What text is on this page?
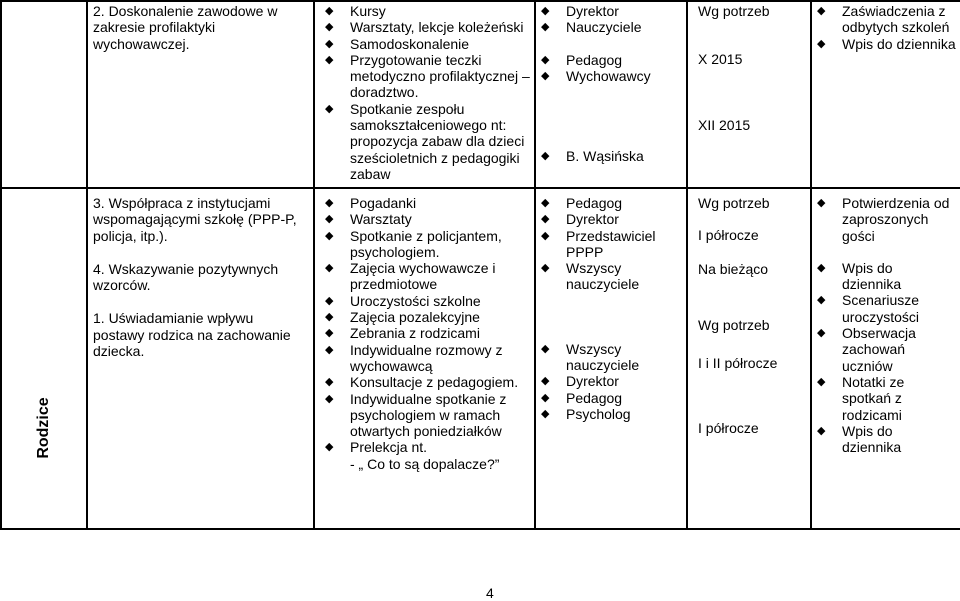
Rodzice

2. Doskonalenie zawodowe w zakresie profilaktyki wychowawczej.

◆ Kursy
◆ Warsztaty, lekcje koleżeński
◆ Samodoskonalenie
◆ Przygotowanie teczki metodyczno profilaktycznej – doradztwo.
◆ Spotkanie zespołu samokształceniowego nt: propozycja zabaw dla dzieci sześcioletnich z pedagogiki zabaw
◆ Dyrektor
◆ Nauczyciele
◆ Pedagog
◆ Wychowawcy
◆ B. Wąsińska

Wg potrzeb

X 2015

XII 2015

◆ Zaświadczenia z odbytych szkoleń
◆ Wpis do dziennika

3. Współpraca z instytucjami wspomagającymi szkołę (PPP-P, policja, itp.).

4. Wskazywanie pozytywnych wzorców.

1. Uświadamianie wpływu postawy rodzica na zachowanie dziecka.

◆ Pogadanki
◆ Warsztaty
◆ Spotkanie z policjantem, psychologiem.
◆ Zajęcia wychowawcze i przedmiotowe
◆ Uroczystości szkolne
◆ Zajęcia pozalekcyjne
◆ Zebrania z rodzicami
◆ Indywidualne rozmowy z wychowawcą
◆ Konsultacje z pedagogiem.
◆ Indywidualne spotkanie z psychologiem w ramach otwartych poniedziałków
◆ Prelekcja nt.
- „ Co to są dopalacze?”
◆ Pedagog
◆ Dyrektor
◆ Przedstawiciel PPPP
◆ Wszyscy nauczyciele
◆ Wszyscy nauczyciele
◆ Dyrektor
◆ Pedagog
◆ Psycholog

Wg potrzeb

I półrocze

Na bieżąco

Wg potrzeb

I i II półrocze

I półrocze

◆ Potwierdzenia od zaproszonych gości
◆ Wpis do dziennika
◆ Scenariusze uroczystości
◆ Obserwacja zachowań uczniów
◆ Notatki ze spotkań z rodzicami
◆ Wpis do dziennika
4
